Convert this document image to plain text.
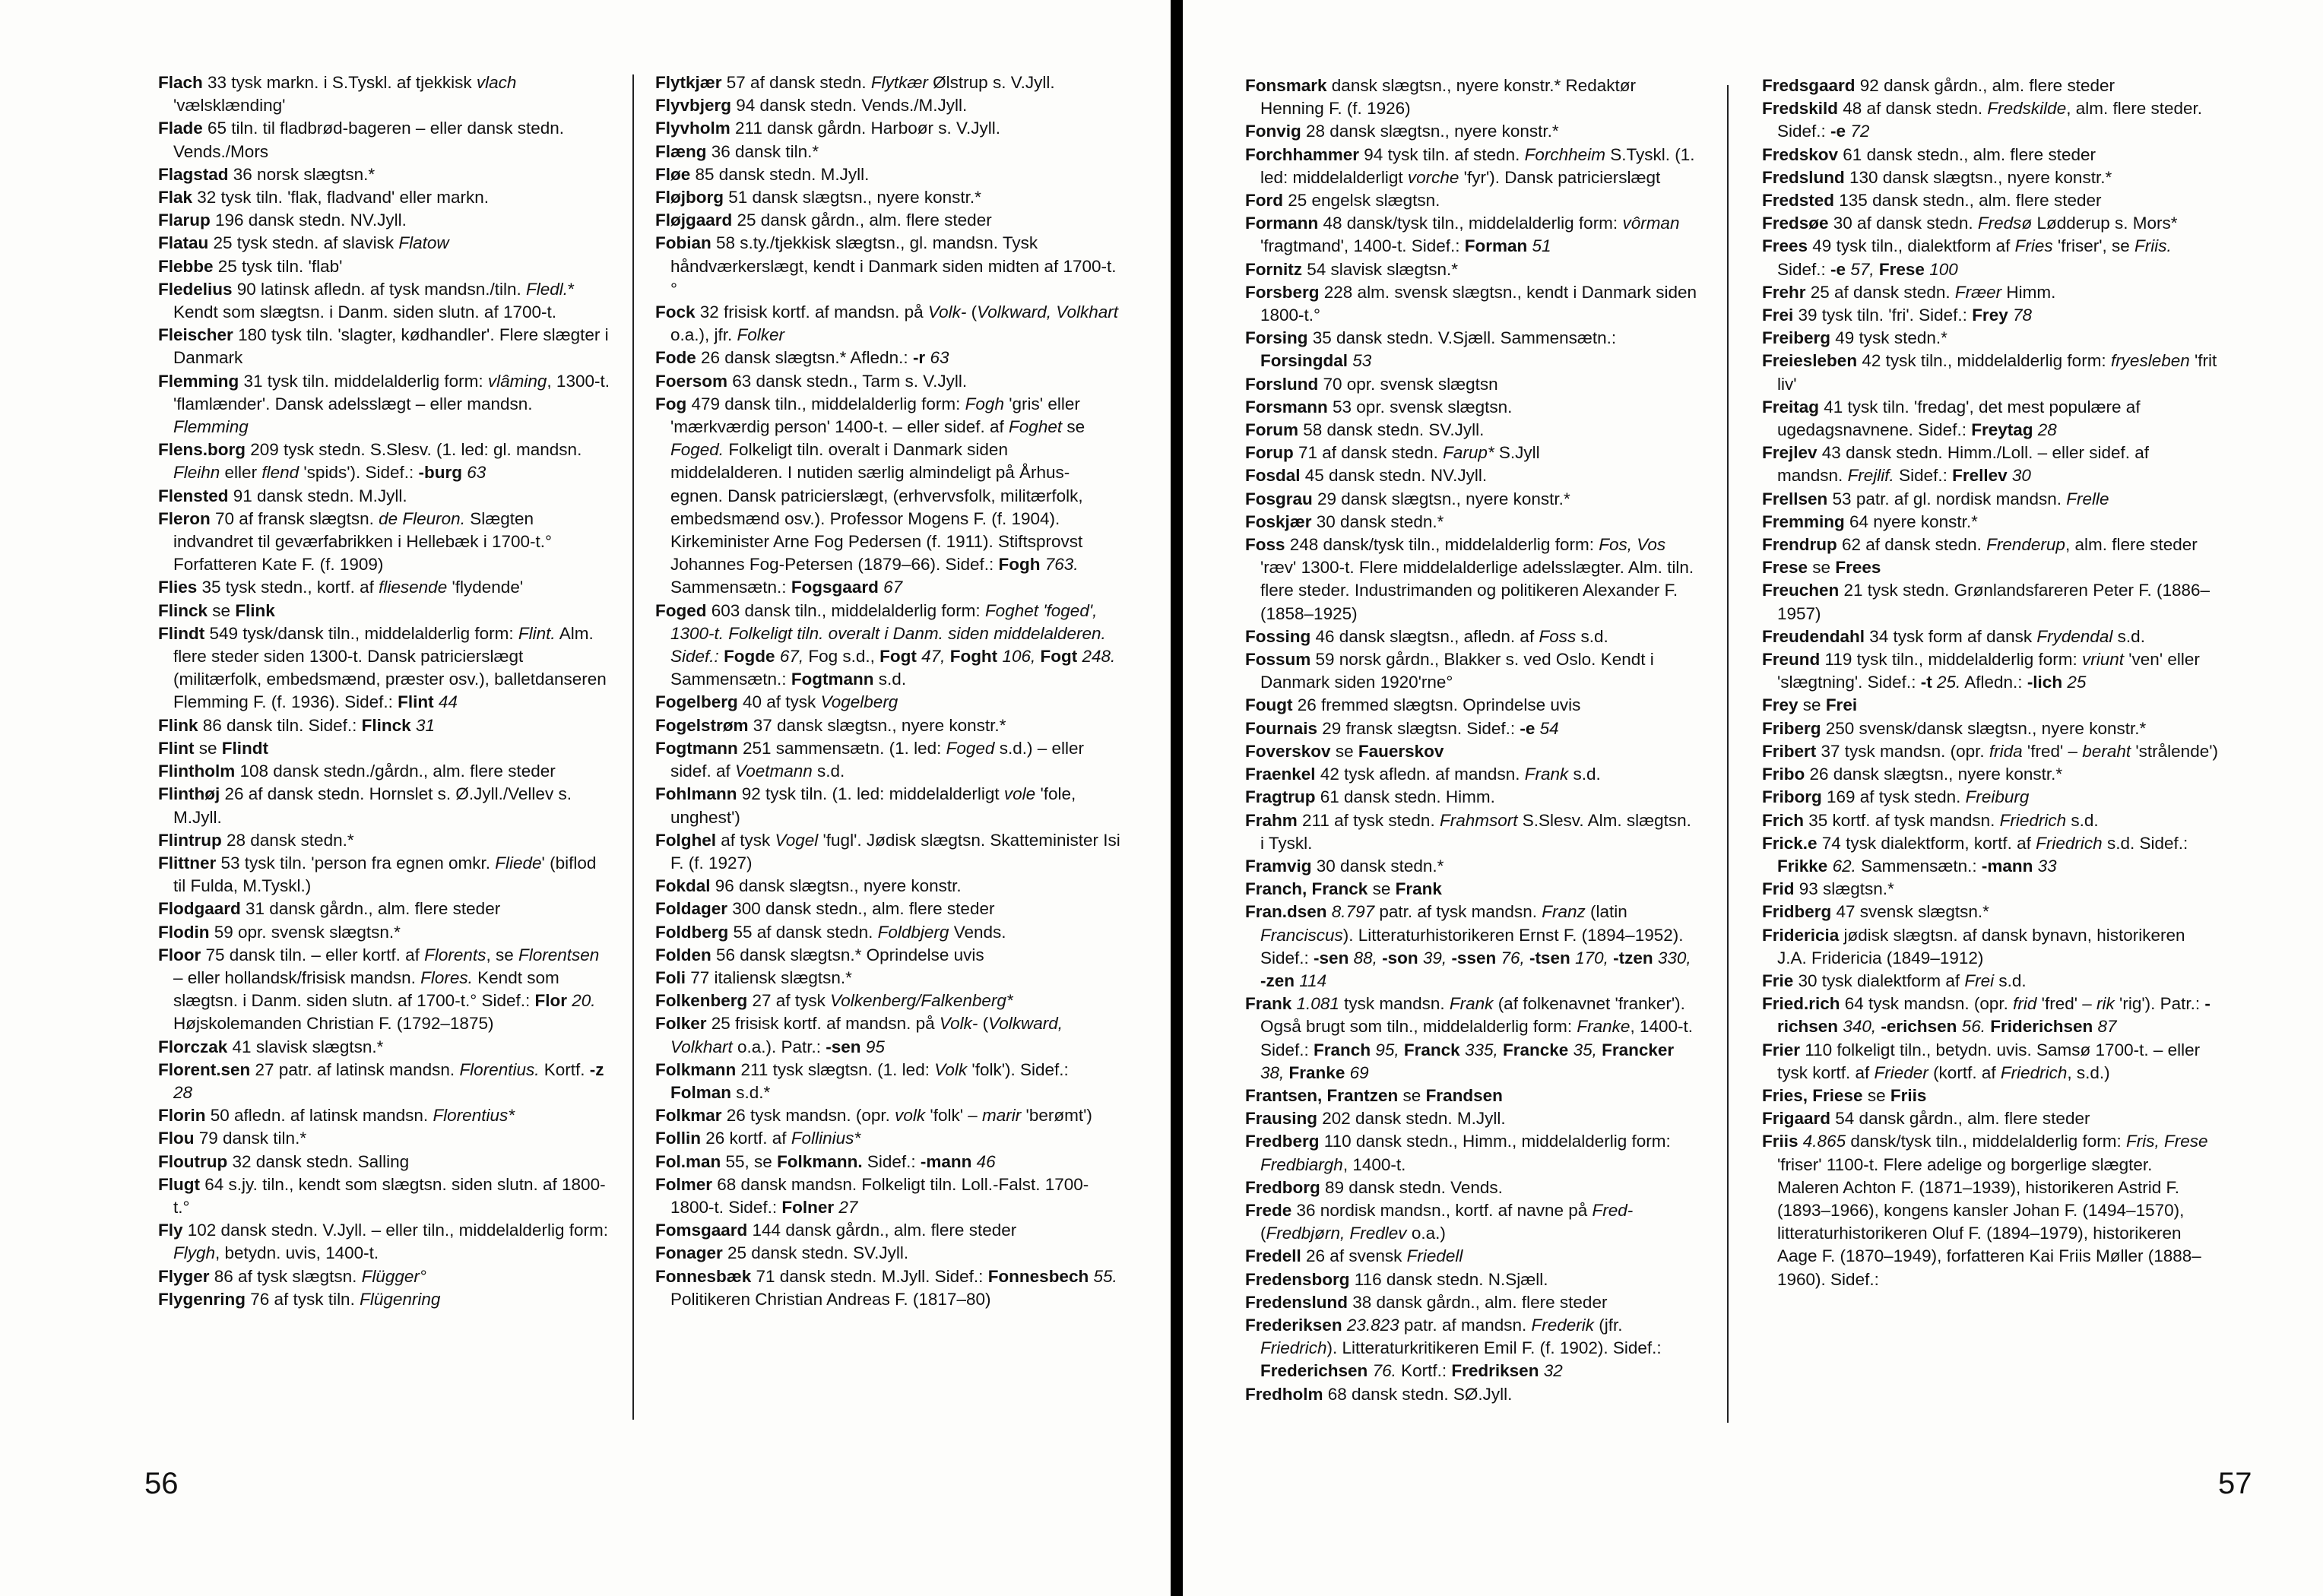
Flach 33 tysk markn. i S.Tyskl. af tjekkisk vlach 'vælsklænding'
Flade 65 tiln. til fladbrød-bageren – eller dansk stedn. Vends./Mors
Flagstad 36 norsk slægtsn.*
Flak 32 tysk tiln. 'flak, fladvand' eller markn.
Flarup 196 dansk stedn. NV.Jyll.
Flatau 25 tysk stedn. af slavisk Flatow
Flebbe 25 tysk tiln. 'flab'
Fledelius 90 latinsk afledn. af tysk mandsn./tiln. Fledl.* Kendt som slægtsn. i Danm. siden slutn. af 1700-t.
Fleischer 180 tysk tiln. 'slagter, kødhandler'. Flere slægter i Danmark
Flemming 31 tysk tiln. middelalderlig form: vlâming, 1300-t. 'flamlænder'. Dansk adelsslægt – eller mandsn. Flemming
Flens.borg 209 tysk stedn. S.Slesv. (1. led: gl. mandsn. Fleihn eller flend 'spids'). Sidef.: -burg 63
Flensted 91 dansk stedn. M.Jyll.
Fleron 70 af fransk slægtsn. de Fleuron. Slægten indvandret til geværfabrikken i Hellebæk i 1700-t.° Forfatteren Kate F. (f. 1909)
Flies 35 tysk stedn., kortf. af fliesende 'flydende'
Flinck se Flink
Flindt 549 tysk/dansk tiln., middelalderlig form: Flint. Alm. flere steder siden 1300-t. Dansk patricierslægt (militærfolk, embedsmænd, præster osv.), balletdanseren Flemming F. (f. 1936). Sidef.: Flint 44
Flink 86 dansk tiln. Sidef.: Flinck 31
Flint se Flindt
Flintholm 108 dansk stedn./gårdn., alm. flere steder
Flinthøj 26 af dansk stedn. Hornslet s. Ø.Jyll./Vellev s. M.Jyll.
Flintrup 28 dansk stedn.*
Flittner 53 tysk tiln. 'person fra egnen omkr. Fliede' (biflod til Fulda, M.Tyskl.)
Flodgaard 31 dansk gårdn., alm. flere steder
Flodin 59 opr. svensk slægtsn.*
Floor 75 dansk tiln. – eller kortf. af Florents, se Florentsen – eller hollandsk/frisisk mandsn. Flores. Kendt som slægtsn. i Danm. siden slutn. af 1700-t.° Sidef.: Flor 20. Højskolemanden Christian F. (1792–1875)
Florczak 41 slavisk slægtsn.*
Florent.sen 27 patr. af latinsk mandsn. Florentius. Kortf. -z 28
Florin 50 afledn. af latinsk mandsn. Florentius*
Flou 79 dansk tiln.*
Floutrup 32 dansk stedn. Salling
Flugt 64 s.jy. tiln., kendt som slægtsn. siden slutn. af 1800-t.°
Fly 102 dansk stedn. V.Jyll. – eller tiln., middelalderlig form: Flygh, betydn. uvis, 1400-t.
Flyger 86 af tysk slægtsn. Flügger°
Flygenring 76 af tysk tiln. Flügenring
Flytkjær 57 af dansk stedn. Flytkær Ølstrup s. V.Jyll.
Flyvbjerg 94 dansk stedn. Vends./M.Jyll.
Flyvholm 211 dansk gårdn. Harboør s. V.Jyll.
Flæng 36 dansk tiln.*
Fløe 85 dansk stedn. M.Jyll.
Fløjborg 51 dansk slægtsn., nyere konstr.*
Fløjgaard 25 dansk gårdn., alm. flere steder
Fobian 58 s.ty./tjekkisk slægtsn., gl. mandsn. Tysk håndværkerslægt, kendt i Danmark siden midten af 1700-t.°
Fock 32 frisisk kortf. af mandsn. på Volk- (Volkward, Volkhart o.a.), jfr. Folker
Fode 26 dansk slægtsn.* Afledn.: -r 63
Foersom 63 dansk stedn., Tarm s. V.Jyll.
Fog 479 dansk tiln., middelalderlig form: Fogh 'gris' eller 'mærkværdig person' 1400-t. – eller sidef. af Foghet se Foged. Folkeligt tiln. overalt i Danmark siden middelalderen. I nutiden særlig almindeligt på Århus-egnen. Dansk patricierslægt, (erhvervsfolk, militærfolk, embedsmænd osv.). Professor Mogens F. (f. 1904). Kirkeminister Arne Fog Pedersen (f. 1911). Stiftsprovst Johannes Fog-Petersen (1879–66). Sidef.: Fogh 763. Sammensætn.: Fogsgaard 67
Foged 603 dansk tiln., middelalderlig form: Foghet 'foged', 1300-t. Folkeligt tiln. overalt i Danm. siden middelalderen. Sidef.: Fogde 67, Fog s.d., Fogt 47, Foght 106, Fogt 248. Sammensætn.: Fogtmann s.d.
Fogelberg 40 af tysk Vogelberg
Fogelstrøm 37 dansk slægtsn., nyere konstr.*
Fogtmann 251 sammensætn. (1. led: Foged s.d.) – eller sidef. af Voetmann s.d.
Fohlmann 92 tysk tiln. (1. led: middelalderligt vole 'fole, unghest')
Folghel af tysk Vogel 'fugl'. Jødisk slægtsn. Skatteminister Isi F. (f. 1927)
Fokdal 96 dansk slægtsn., nyere konstr.
Foldager 300 dansk stedn., alm. flere steder
Foldberg 55 af dansk stedn. Foldbjerg Vends.
Folden 56 dansk slægtsn.* Oprindelse uvis
Foli 77 italiensk slægtsn.*
Folkenberg 27 af tysk Volkenberg/Falkenberg*
Folker 25 frisisk kortf. af mandsn. på Volk- (Volkward, Volkhart o.a.). Patr.: -sen 95
Folkmann 211 tysk slægtsn. (1. led: Volk 'folk'). Sidef.: Folman s.d.*
Folkmar 26 tysk mandsn. (opr. volk 'folk' – marir 'berømt')
Follin 26 kortf. af Follinius*
Fol.man 55, se Folkmann. Sidef.: -mann 46
Folmer 68 dansk mandsn. Folkeligt tiln. Loll.-Falst. 1700-1800-t. Sidef.: Folner 27
Fomsgaard 144 dansk gårdn., alm. flere steder
Fonager 25 dansk stedn. SV.Jyll.
Fonnesbæk 71 dansk stedn. M.Jyll. Sidef.: Fonnesbech 55. Politikeren Christian Andreas F. (1817–80)
56
Fonsmark dansk slægtsn., nyere konstr.* Redaktør Henning F. (f. 1926)
Fonvig 28 dansk slægtsn., nyere konstr.*
Forchhammer 94 tysk tiln. af stedn. Forchheim S.Tyskl. (1. led: middelalderligt vorche 'fyr'). Dansk patricierslægt
Ford 25 engelsk slægtsn.
Formann 48 dansk/tysk tiln., middelalderlig form: vôrman 'fragtmand', 1400-t. Sidef.: Forman 51
Fornitz 54 slavisk slægtsn.*
Forsberg 228 alm. svensk slægtsn., kendt i Danmark siden 1800-t.°
Forsing 35 dansk stedn. V.Sjæll. Sammensætn.: Forsingdal 53
Forslund 70 opr. svensk slægtsn
Forsmann 53 opr. svensk slægtsn.
Forum 58 dansk stedn. SV.Jyll.
Forup 71 af dansk stedn. Farup* S.Jyll
Fosdal 45 dansk stedn. NV.Jyll.
Fosgrau 29 dansk slægtsn., nyere konstr.*
Foskjær 30 dansk stedn.*
Foss 248 dansk/tysk tiln., middelalderlig form: Fos, Vos 'ræv' 1300-t. Flere middelalderlige adelsslægter. Alm. tiln. flere steder. Industrimanden og politikeren Alexander F. (1858–1925)
Fossing 46 dansk slægtsn., afledn. af Foss s.d.
Fossum 59 norsk gårdn., Blakker s. ved Oslo. Kendt i Danmark siden 1920'rne°
Fougt 26 fremmed slægtsn. Oprindelse uvis
Fournais 29 fransk slægtsn. Sidef.: -e 54
Foverskov se Fauerskov
Fraenkel 42 tysk afledn. af mandsn. Frank s.d.
Fragtrup 61 dansk stedn. Himm.
Frahm 211 af tysk stedn. Frahmsort S.Slesv. Alm. slægtsn. i Tyskl.
Framvig 30 dansk stedn.*
Franch, Franck se Frank
Fran.dsen 8.797 patr. af tysk mandsn. Franz (latin Franciscus). Litteraturhistorikeren Ernst F. (1894–1952). Sidef.: -sen 88, -son 39, -ssen 76, -tsen 170, -tzen 330, -zen 114
Frank 1.081 tysk mandsn. Frank (af folkenavnet 'franker'). Også brugt som tiln., middelalderlig form: Franke, 1400-t. Sidef.: Franch 95, Franck 335, Francke 35, Francker 38, Franke 69
Frantsen, Frantzen se Frandsen
Frausing 202 dansk stedn. M.Jyll.
Fredberg 110 dansk stedn., Himm., middelalderlig form: Fredbiargh, 1400-t.
Fredborg 89 dansk stedn. Vends.
Frede 36 nordisk mandsn., kortf. af navne på Fred- (Fredbjørn, Fredlev o.a.)
Fredell 26 af svensk Friedell
Fredensborg 116 dansk stedn. N.Sjæll.
Fredenslund 38 dansk gårdn., alm. flere steder
Frederiksen 23.823 patr. af mandsn. Frederik (jfr. Friedrich). Litteraturkritikeren Emil F. (f. 1902). Sidef.: Frederichsen 76. Kortf.: Fredriksen 32
Fredholm 68 dansk stedn. SØ.Jyll.
Fredsgaard 92 dansk gårdn., alm. flere steder
Fredskild 48 af dansk stedn. Fredskilde, alm. flere steder. Sidef.: -e 72
Fredskov 61 dansk stedn., alm. flere steder
Fredslund 130 dansk slægtsn., nyere konstr.*
Fredsted 135 dansk stedn., alm. flere steder
Fredsøe 30 af dansk stedn. Fredsø Lødderup s. Mors*
Frees 49 tysk tiln., dialektform af Fries 'friser', se Friis. Sidef.: -e 57, Frese 100
Frehr 25 af dansk stedn. Fræer Himm.
Frei 39 tysk tiln. 'fri'. Sidef.: Frey 78
Freiberg 49 tysk stedn.*
Freiesleben 42 tysk tiln., middelalderlig form: fryesleben 'frit liv'
Freitag 41 tysk tiln. 'fredag', det mest populære af ugedagsnavnene. Sidef.: Freytag 28
Frejlev 43 dansk stedn. Himm./Loll. – eller sidef. af mandsn. Frejlif. Sidef.: Frellev 30
Frellsen 53 patr. af gl. nordisk mandsn. Frelle
Fremming 64 nyere konstr.*
Frendrup 62 af dansk stedn. Frenderup, alm. flere steder
Frese se Frees
Freuchen 21 tysk stedn. Grønlandsfareren Peter F. (1886–1957)
Freudendahl 34 tysk form af dansk Frydendal s.d.
Freund 119 tysk tiln., middelalderlig form: vriunt 'ven' eller 'slægtning'. Sidef.: -t 25. Afledn.: -lich 25
Frey se Frei
Friberg 250 svensk/dansk slægtsn., nyere konstr.*
Fribert 37 tysk mandsn. (opr. frida 'fred' – beraht 'strålende')
Fribo 26 dansk slægtsn., nyere konstr.*
Friborg 169 af tysk stedn. Freiburg
Frich 35 kortf. af tysk mandsn. Friedrich s.d.
Frick.e 74 tysk dialektform, kortf. af Friedrich s.d. Sidef.: Frikke 62. Sammensætn.: -mann 33
Frid 93 slægtsn.*
Fridberg 47 svensk slægtsn.*
Fridericia jødisk slægtsn. af dansk bynavn, historikeren J.A. Fridericia (1849–1912)
Frie 30 tysk dialektform af Frei s.d.
Fried.rich 64 tysk mandsn. (opr. frid 'fred' – rik 'rig'). Patr.: -richsen 340, -erichsen 56. Friderichsen 87
Frier 110 folkeligt tiln., betydn. uvis. Samsø 1700-t. – eller tysk kortf. af Frieder (kortf. af Friedrich, s.d.)
Fries, Friese se Friis
Frigaard 54 dansk gårdn., alm. flere steder
Friis 4.865 dansk/tysk tiln., middelalderlig form: Fris, Frese 'friser' 1100-t. Flere adelige og borgerlige slægter. Maleren Achton F. (1871–1939), historikeren Astrid F. (1893–1966), kongens kansler Johan F. (1494–1570), litteraturhistorikeren Oluf F. (1894–1979), historikeren Aage F. (1870–1949), forfatteren Kai Friis Møller (1888–1960). Sidef.:
57
